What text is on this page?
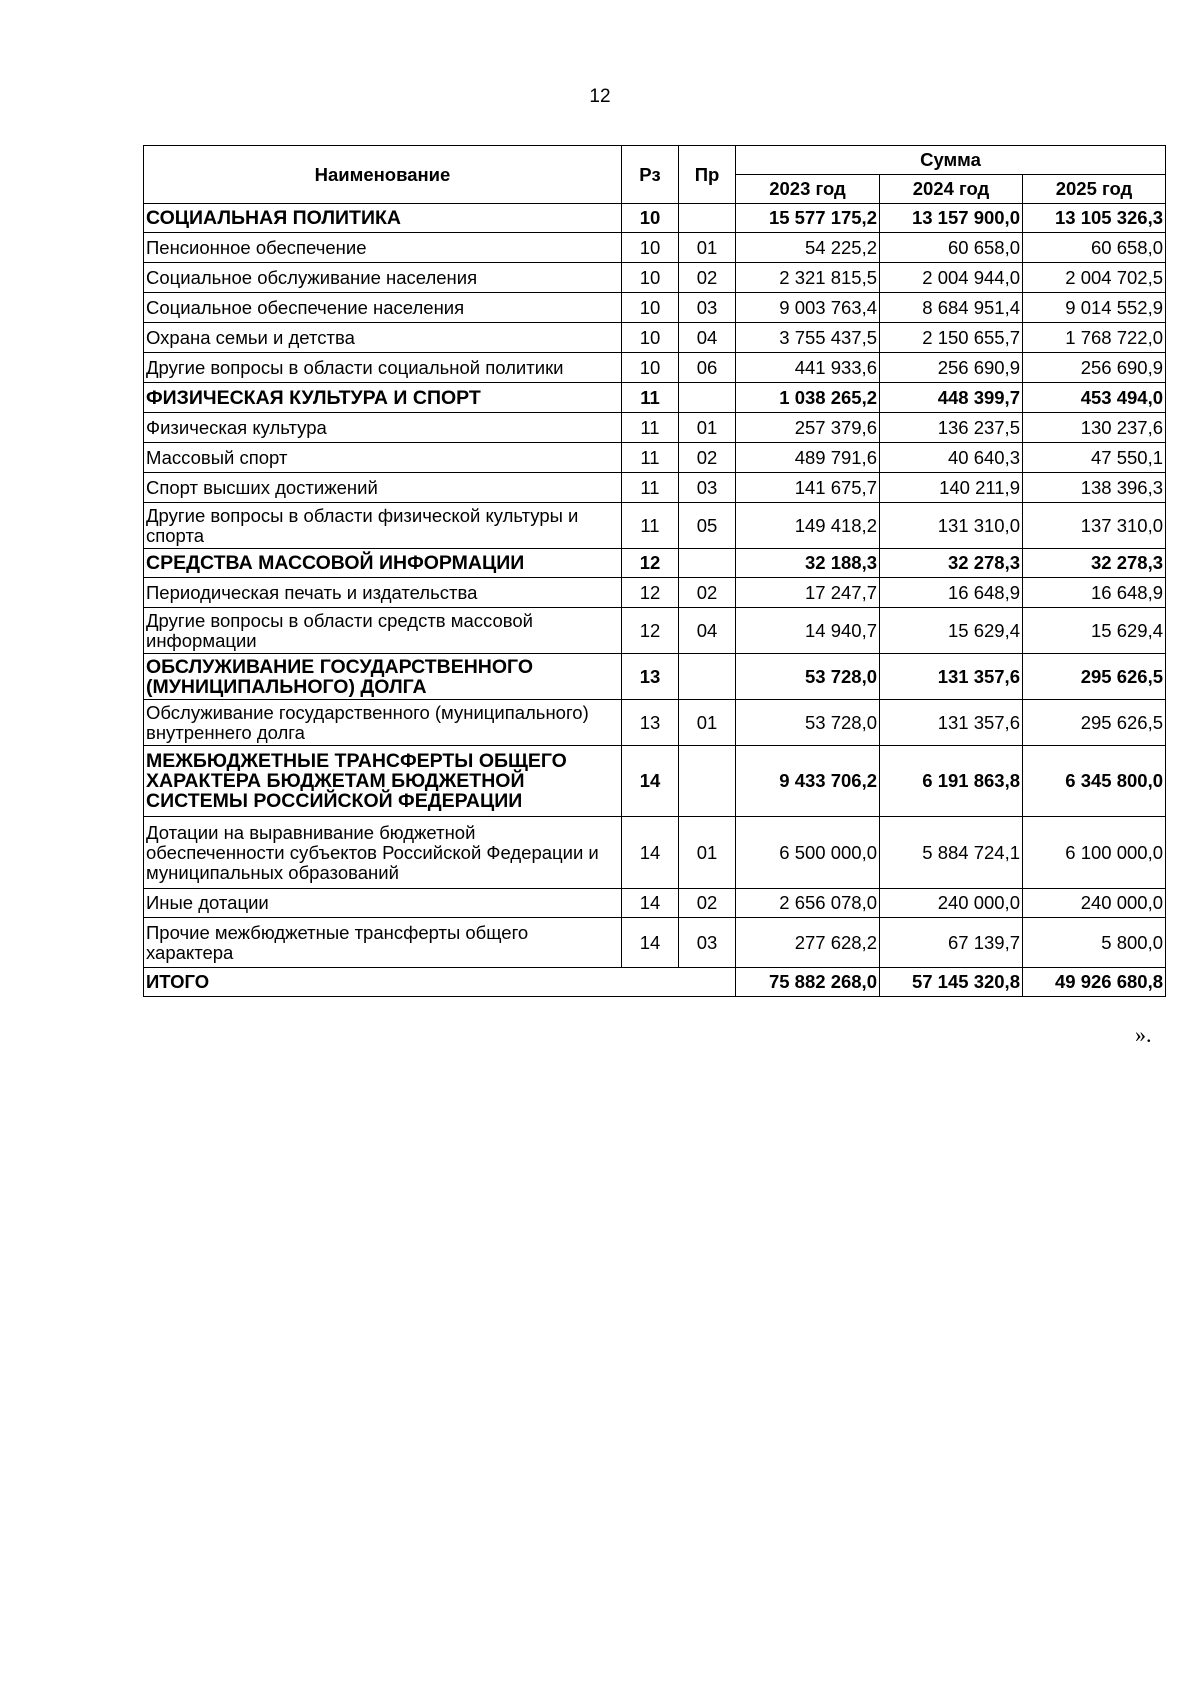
12
Наименование	Рз	Пр	Сумма		
			2023 год	2024 год	2025 год
СОЦИАЛЬНАЯ ПОЛИТИКА	10		15 577 175,2	13 157 900,0	13 105 326,3
Пенсионное обеспечение	10	01	54 225,2	60 658,0	60 658,0
Социальное обслуживание населения	10	02	2 321 815,5	2 004 944,0	2 004 702,5
Социальное обеспечение населения	10	03	9 003 763,4	8 684 951,4	9 014 552,9
Охрана семьи и детства	10	04	3 755 437,5	2 150 655,7	1 768 722,0
Другие вопросы в области социальной политики	10	06	441 933,6	256 690,9	256 690,9
ФИЗИЧЕСКАЯ КУЛЬТУРА И СПОРТ	11		1 038 265,2	448 399,7	453 494,0
Физическая культура	11	01	257 379,6	136 237,5	130 237,6
Массовый спорт	11	02	489 791,6	40 640,3	47 550,1
Спорт высших достижений	11	03	141 675,7	140 211,9	138 396,3
Другие вопросы в области физической культуры и спорта	11	05	149 418,2	131 310,0	137 310,0
СРЕДСТВА МАССОВОЙ ИНФОРМАЦИИ	12		32 188,3	32 278,3	32 278,3
Периодическая печать и издательства	12	02	17 247,7	16 648,9	16 648,9
Другие вопросы в области средств массовой информации	12	04	14 940,7	15 629,4	15 629,4
ОБСЛУЖИВАНИЕ ГОСУДАРСТВЕННОГО (МУНИЦИПАЛЬНОГО) ДОЛГА	13		53 728,0	131 357,6	295 626,5
Обслуживание государственного (муниципального) внутреннего долга	13	01	53 728,0	131 357,6	295 626,5
МЕЖБЮДЖЕТНЫЕ ТРАНСФЕРТЫ ОБЩЕГО ХАРАКТЕРА БЮДЖЕТАМ БЮДЖЕТНОЙ СИСТЕМЫ РОССИЙСКОЙ ФЕДЕРАЦИИ	14		9 433 706,2	6 191 863,8	6 345 800,0
Дотации на выравнивание бюджетной обеспеченности субъектов Российской Федерации и муниципальных образований	14	01	6 500 000,0	5 884 724,1	6 100 000,0
Иные дотации	14	02	2 656 078,0	240 000,0	240 000,0
Прочие межбюджетные трансферты общего характера	14	03	277 628,2	67 139,7	5 800,0
ИТОГО			75 882 268,0	57 145 320,8	49 926 680,8
».
